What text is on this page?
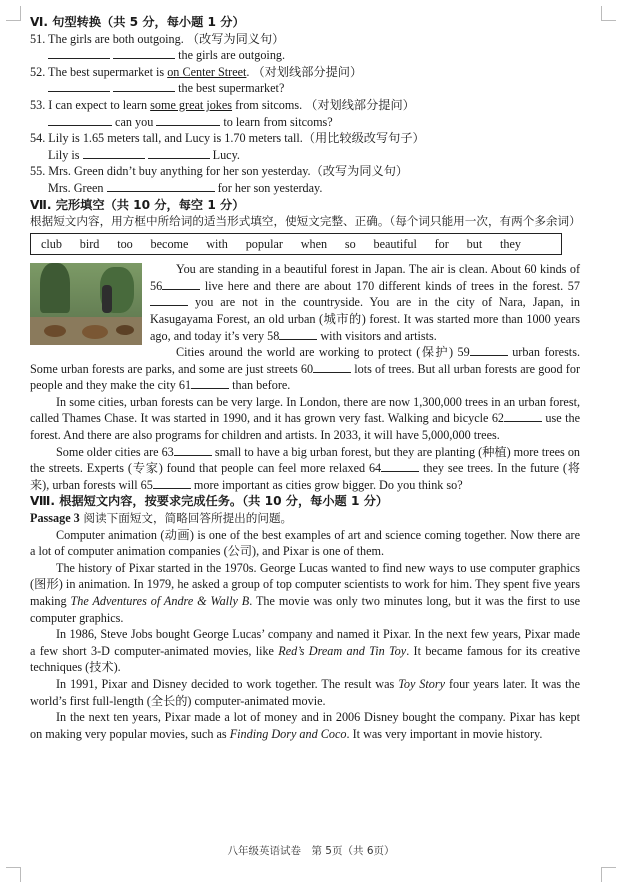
Ⅵ. 句型转换（共 5 分，每小题 1 分）
51. The girls are both outgoing. （改写为同义句）
the girls are outgoing.
52. The best supermarket is on Center Street. （对划线部分提问）
the best supermarket?
53. I can expect to learn some great jokes from sitcoms. （对划线部分提问）
can you	to learn from sitcoms?
54. Lily is 1.65 meters tall, and Lucy is 1.70 meters tall.（用比较级改写句子）
Lily is	Lucy.
55. Mrs. Green didn’t buy anything for her son yesterday.（改写为同义句）
Mrs. Green	for her son yesterday.
Ⅶ. 完形填空（共 10 分，每空 1 分）
根据短文内容，用方框中所给词的适当形式填空，使短文完整、正确。（每个词只能用一次，有两个多余词）
club bird too become with popular when so beautiful for but they
You are standing in a beautiful forest in Japan. The air is clean. About 60 kinds of 56	live here and there are about 170 different kinds of trees in the forest. 57 you are not in the countryside. You are in the city of Nara, Japan, in Kasugayama Forest, an old urban (城市的) forest. It was started more than 1000 years ago, and today it’s very 58	with visitors and artists.
Cities around the world are working to protect (保护) 59	urban forests. Some urban forests are parks, and some are just streets 60	lots of trees. But all urban forests are good for people and they make the city 61	than before.
In some cities, urban forests can be very large. In London, there are now 1,300,000 trees in an urban forest, called Thames Chase. It was started in 1990, and it has grown very fast. Walking and bicycle 62	use the forest. And there are also programs for children and artists. In 2033, it will have 5,000,000 trees.
Some older cities are 63	small to have a big urban forest, but they are planting (种植) more trees on the streets. Experts (专家) found that people can feel more relaxed 64	they see trees. In the future (将来), urban forests will 65	more important as cities grow bigger. Do you think so?
Ⅷ. 根据短文内容，按要求完成任务。（共 10 分，每小题 1 分）
Passage 3 阅读下面短文，简略回答所提出的问题。
Computer animation (动画) is one of the best examples of art and science coming together. Now there are a lot of computer animation companies (公司), and Pixar is one of them.
The history of Pixar started in the 1970s. George Lucas wanted to find new ways to use computer graphics (图形) in animation. In 1979, he asked a group of top computer scientists to work for him. They spent five years making The Adventures of Andre & Wally B. The movie was only two minutes long, but it was the first to use computer graphics.
In 1986, Steve Jobs bought George Lucas’ company and named it Pixar. In the next few years, Pixar made a few short 3-D computer-animated movies, like Red’s Dream and Tin Toy. It became famous for its creative techniques (技术).
In 1991, Pixar and Disney decided to work together. The result was Toy Story four years later. It was the world’s first full-length (全长的) computer-animated movie.
In the next ten years, Pixar made a lot of money and in 2006 Disney bought the company. Pixar has kept on making very popular movies, such as Finding Dory and Coco. It was very important in movie history.
八年级英语试卷　第 5页（共 6页）
